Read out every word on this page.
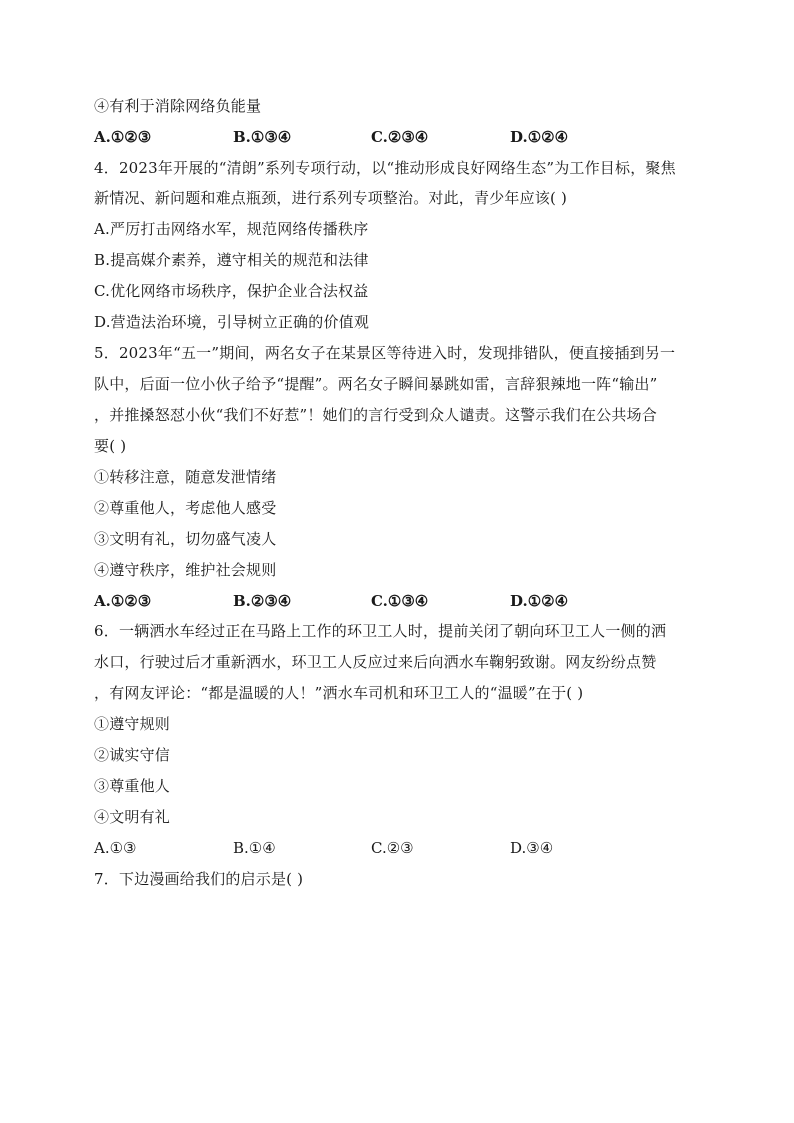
④有利于消除网络负能量
A.①②③	B.①③④	C.②③④	D.①②④
4．2023年开展的“清朗”系列专项行动，以“推动形成良好网络生态”为工作目标，聚焦
新情况、新问题和难点瓶颈，进行系列专项整治。对此，青少年应该( )
A.严厉打击网络水军，规范网络传播秩序
B.提高媒介素养，遵守相关的规范和法律
C.优化网络市场秩序，保护企业合法权益
D.营造法治环境，引导树立正确的价值观
5．2023年“五一”期间，两名女子在某景区等待进入时，发现排错队，便直接插到另一
队中，后面一位小伙子给予“提醒”。两名女子瞬间暴跳如雷，言辞狠辣地一阵“输出”
，并推搡怒怼小伙“我们不好惹”！她们的言行受到众人谴责。这警示我们在公共场合
要( )
①转移注意，随意发泄情绪
②尊重他人，考虑他人感受
③文明有礼，切勿盛气凌人
④遵守秩序，维护社会规则
A.①②③	B.②③④	C.①③④	D.①②④
6．一辆洒水车经过正在马路上工作的环卫工人时，提前关闭了朝向环卫工人一侧的洒
水口，行驶过后才重新洒水，环卫工人反应过来后向洒水车鞠躬致谢。网友纷纷点赞
，有网友评论：“都是温暖的人！”洒水车司机和环卫工人的“温暖”在于( )
①遵守规则
②诚实守信
③尊重他人
④文明有礼
A.①③	B.①④	C.②③	D.③④
7．下边漫画给我们的启示是( )
